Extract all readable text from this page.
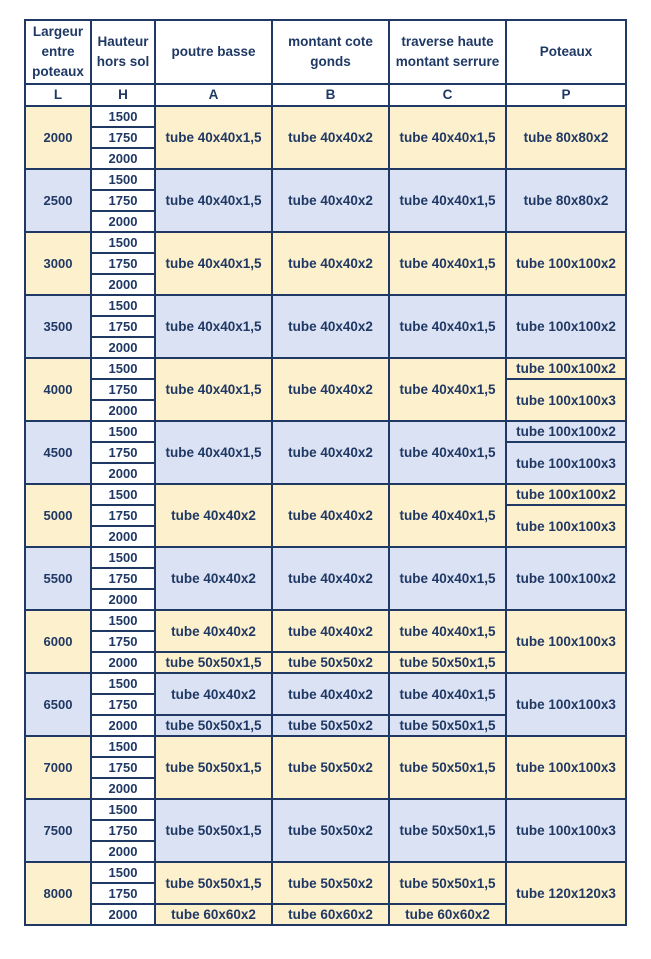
Largeur entre poteaux	Hauteur hors sol	poutre basse	montant cote gonds	traverse haute montant serrure	Poteaux
L	H	A	B	C	P
2000	1500	tube 40x40x1,5	tube 40x40x2	tube 40x40x1,5	tube 80x80x2
	1750				
	2000				
2500	1500	tube 40x40x1,5	tube 40x40x2	tube 40x40x1,5	tube 80x80x2
	1750				
	2000				
3000	1500	tube 40x40x1,5	tube 40x40x2	tube 40x40x1,5	tube 100x100x2
	1750				
	2000				
3500	1500	tube 40x40x1,5	tube 40x40x2	tube 40x40x1,5	tube 100x100x2
	1750				
	2000				
4000	1500	tube 40x40x1,5	tube 40x40x2	tube 40x40x1,5	tube 100x100x2
	1750				tube 100x100x3
	2000				
4500	1500	tube 40x40x1,5	tube 40x40x2	tube 40x40x1,5	tube 100x100x2
	1750				tube 100x100x3
	2000				
5000	1500	tube 40x40x2	tube 40x40x2	tube 40x40x1,5	tube 100x100x2
	1750				tube 100x100x3
	2000				
5500	1500	tube 40x40x2	tube 40x40x2	tube 40x40x1,5	tube 100x100x2
	1750				
	2000				
6000	1500	tube 40x40x2	tube 40x40x2	tube 40x40x1,5	tube 100x100x3
	1750				
	2000	tube 50x50x1,5	tube 50x50x2	tube 50x50x1,5	
6500	1500	tube 40x40x2	tube 40x40x2	tube 40x40x1,5	tube 100x100x3
	1750				
	2000	tube 50x50x1,5	tube 50x50x2	tube 50x50x1,5	
7000	1500	tube 50x50x1,5	tube 50x50x2	tube 50x50x1,5	tube 100x100x3
	1750				
	2000				
7500	1500	tube 50x50x1,5	tube 50x50x2	tube 50x50x1,5	tube 100x100x3
	1750				
	2000				
8000	1500	tube 50x50x1,5	tube 50x50x2	tube 50x50x1,5	tube 120x120x3
	1750				
	2000	tube 60x60x2	tube 60x60x2	tube 60x60x2	
